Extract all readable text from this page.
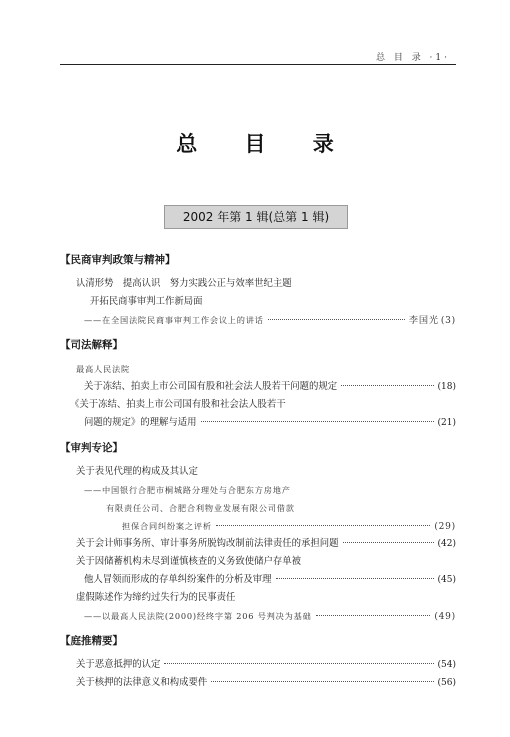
总 目 录 ·1·
总 目 录
2002 年第 1 辑(总第 1 辑)
【民商审判政策与精神】
认清形势　提高认识　努力实践公正与效率世纪主题
开拓民商事审判工作新局面
——在全国法院民商事审判工作会议上的讲话	李国光 (3)
【司法解释】
最高人民法院
关于冻结、拍卖上市公司国有股和社会法人股若干问题的规定	(18)
《关于冻结、拍卖上市公司国有股和社会法人股若干
问题的规定》的理解与适用	(21)
【审判专论】
关于表见代理的构成及其认定
——中国银行合肥市桐城路分理处与合肥东方房地产
有限责任公司、合肥合利物业发展有限公司借款
担保合同纠纷案之评析	(29)
关于会计师事务所、审计事务所脱钩改制前法律责任的承担问题	(42)
关于因储蓄机构未尽到谨慎核查的义务致使储户存单被
他人冒领而形成的存单纠纷案件的分析及审理	(45)
虚假陈述作为缔约过失行为的民事责任
——以最高人民法院(2000)经终字第 206 号判决为基础	(49)
【庭推精要】
关于恶意抵押的认定	(54)
关于核押的法律意义和构成要件	(56)
